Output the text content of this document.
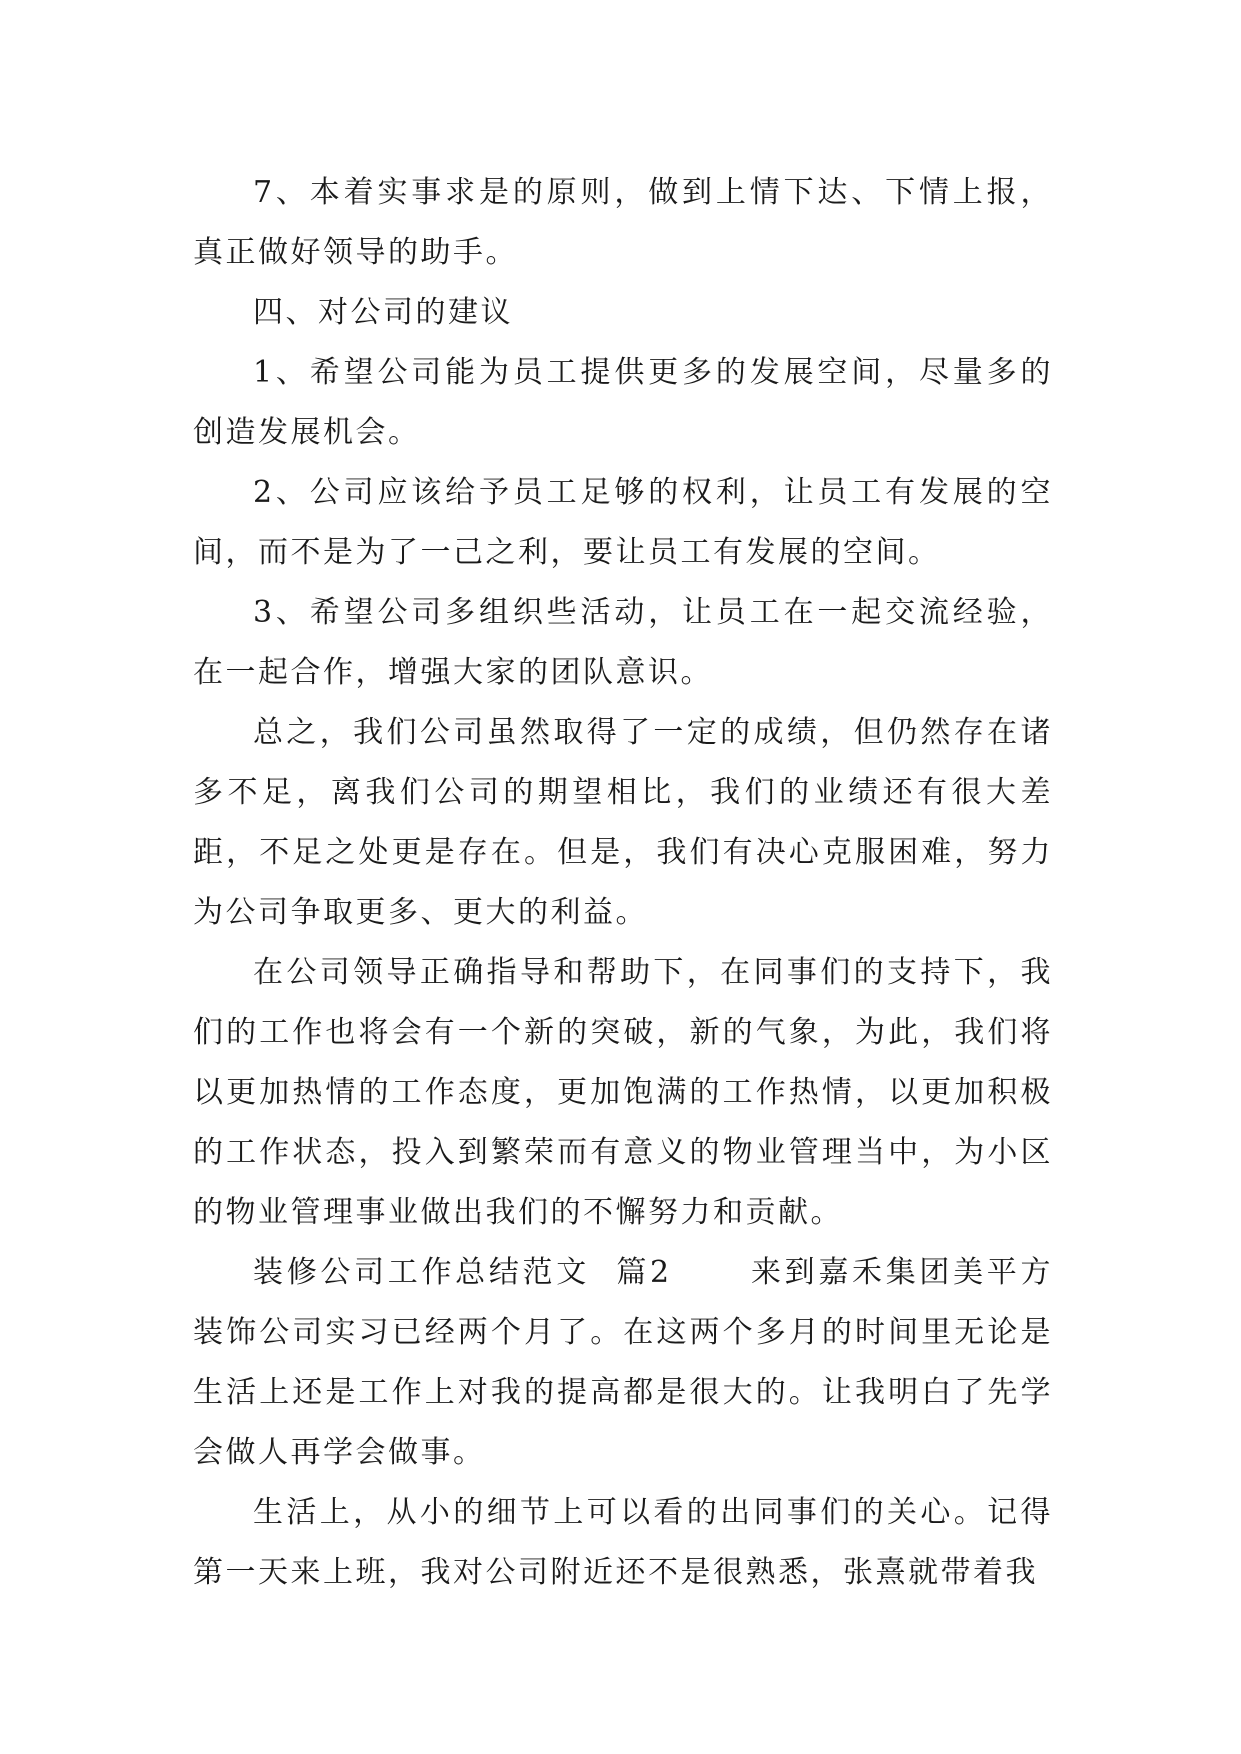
7、本着实事求是的原则，做到上情下达、下情上报，真正做好领导的助手。

四、对公司的建议

1、希望公司能为员工提供更多的发展空间，尽量多的创造发展机会。

2、公司应该给予员工足够的权利，让员工有发展的空间，而不是为了一己之利，要让员工有发展的空间。

3、希望公司多组织些活动，让员工在一起交流经验，在一起合作，增强大家的团队意识。

总之，我们公司虽然取得了一定的成绩，但仍然存在诸多不足，离我们公司的期望相比，我们的业绩还有很大差距，不足之处更是存在。但是，我们有决心克服困难，努力为公司争取更多、更大的利益。

在公司领导正确指导和帮助下，在同事们的支持下，我们的工作也将会有一个新的突破，新的气象，为此，我们将以更加热情的工作态度，更加饱满的工作热情，以更加积极的工作状态，投入到繁荣而有意义的物业管理当中，为小区的物业管理事业做出我们的不懈努力和贡献。

装修公司工作总结范文  篇2      来到嘉禾集团美平方装饰公司实习已经两个月了。在这两个多月的时间里无论是生活上还是工作上对我的提高都是很大的。让我明白了先学会做人再学会做事。

生活上，从小的细节上可以看的出同事们的关心。记得第一天来上班，我对公司附近还不是很熟悉，张熹就带着我
